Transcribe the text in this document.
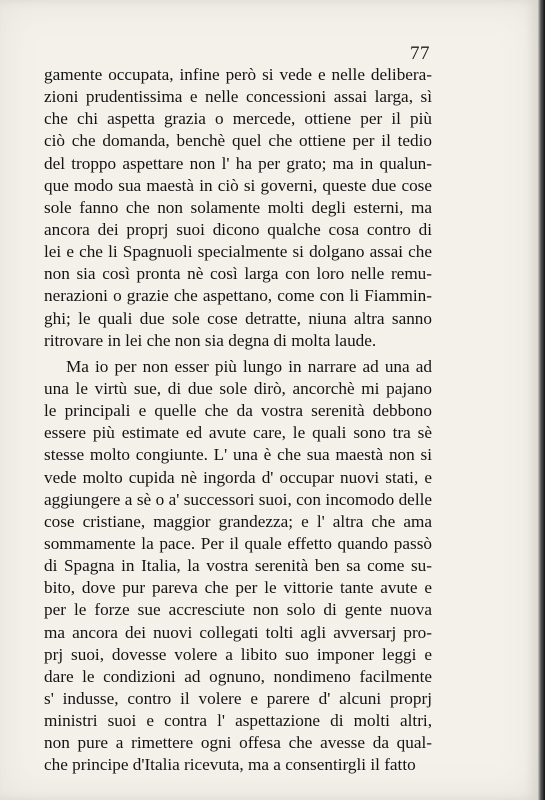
77
gamente occupata, infine però si vede e nelle delibera-
zioni prudentissima e nelle concessioni assai larga, sì
che chi aspetta grazia o mercede, ottiene per il più
ciò che domanda, benchè quel che ottiene per il tedio
del troppo aspettare non l' ha per grato; ma in qualun-
que modo sua maestà in ciò si governi, queste due cose
sole fanno che non solamente molti degli esterni, ma
ancora dei proprj suoi dicono qualche cosa contro di
lei e che li Spagnuoli specialmente si dolgano assai che
non sia così pronta nè così larga con loro nelle remu-
nerazioni o grazie che aspettano, come con li Fiammin-
ghi; le quali due sole cose detratte, niuna altra sanno
ritrovare in lei che non sia degna di molta laude.
Ma io per non esser più lungo in narrare ad una ad
una le virtù sue, di due sole dirò, ancorchè mi pajano
le principali e quelle che da vostra serenità debbono
essere più estimate ed avute care, le quali sono tra sè
stesse molto congiunte. L' una è che sua maestà non si
vede molto cupida nè ingorda d' occupar nuovi stati, e
aggiungere a sè o a' successori suoi, con incomodo delle
cose cristiane, maggior grandezza; e l' altra che ama
sommamente la pace. Per il quale effetto quando passò
di Spagna in Italia, la vostra serenità ben sa come su-
bito, dove pur pareva che per le vittorie tante avute e
per le forze sue accresciute non solo di gente nuova
ma ancora dei nuovi collegati tolti agli avversarj pro-
prj suoi, dovesse volere a libito suo imponer leggi e
dare le condizioni ad ognuno, nondimeno facilmente
s' indusse, contro il volere e parere d' alcuni proprj
ministri suoi e contra l' aspettazione di molti altri,
non pure a rimettere ogni offesa che avesse da qual-
che principe d'Italia ricevuta, ma a consentirgli il fatto
